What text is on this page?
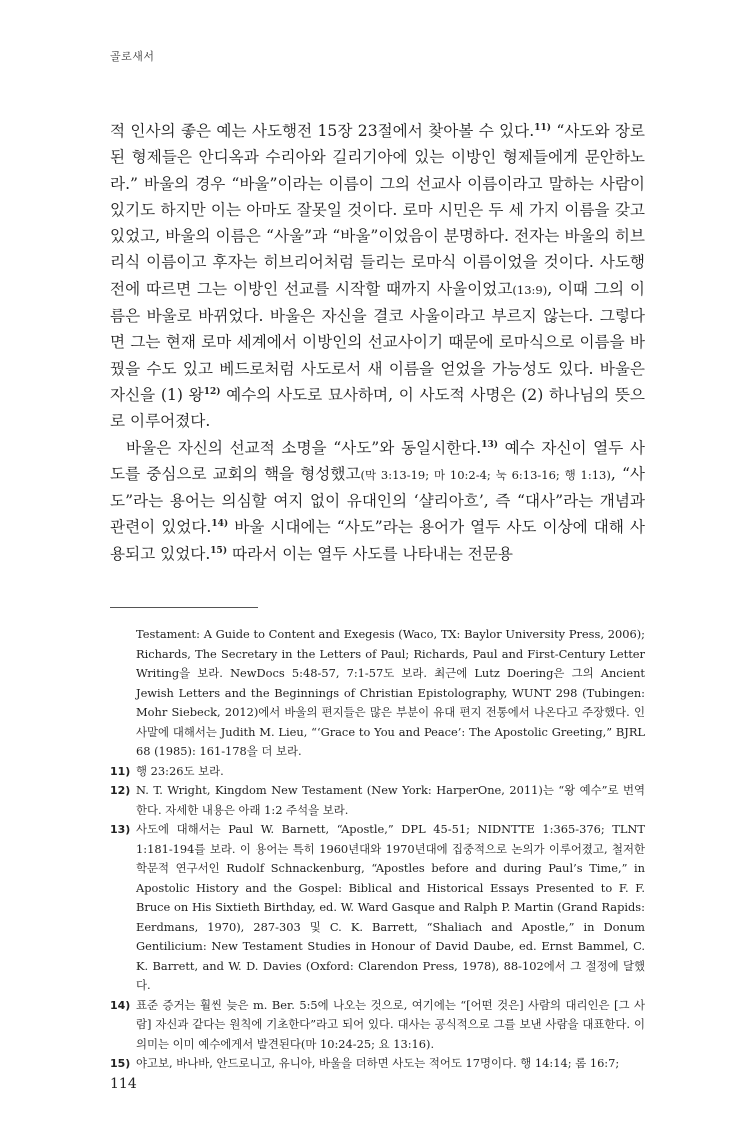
골로새서

적 인사의 좋은 예는 사도행전 15장 23절에서 찾아볼 수 있다.$^{11)}$ “사도와 장로 된 형제들은 안디옥과 수리아와 길리기아에 있는 이방인 형제들에게 문안하노라.” 바울의 경우 “바울”이라는 이름이 그의 선교사 이름이라고 말하는 사람이 있기도 하지만 이는 아마도 잘못일 것이다. 로마 시민은 두 세 가지 이름을 갖고 있었고, 바울의 이름은 “사울”과 “바울”이었음이 분명하다. 전자는 바울의 히브리식 이름이고 후자는 히브리어처럼 들리는 로마식 이름이었을 것이다. 사도행전에 따르면 그는 이방인 선교를 시작할 때까지 사울이었고(13:9), 이때 그의 이름은 바울로 바뀌었다. 바울은 자신을 결코 사울이라고 부르지 않는다. 그렇다면 그는 현재 로마 세계에서 이방인의 선교사이기 때문에 로마식으로 이름을 바꿨을 수도 있고 베드로처럼 사도로서 새 이름을 얻었을 가능성도 있다. 바울은 자신을 (1) 왕$^{12)}$ 예수의 사도로 묘사하며, 이 사도적 사명은 (2) 하나님의 뜻으로 이루어졌다.

바울은 자신의 선교적 소명을 “사도”와 동일시한다.$^{13)}$ 예수 자신이 열두 사도를 중심으로 교회의 핵을 형성했고(막 3:13-19; 마 10:2-4; 눅 6:13-16; 행 1:13), “사도”라는 용어는 의심할 여지 없이 유대인의 ‘샬리아흐’, 즉 “대사”라는 개념과 관련이 있었다.$^{14)}$ 바울 시대에는 “사도”라는 용어가 열두 사도 이상에 대해 사용되고 있었다.$^{15)}$ 따라서 이는 열두 사도를 나타내는 전문용

Testament: A Guide to Content and Exegesis (Waco, TX: Baylor University Press, 2006); Richards, The Secretary in the Letters of Paul; Richards, Paul and First-Century Letter Writing을 보라. NewDocs 5:48-57, 7:1-57도 보라. 최근에 Lutz Doering은 그의 Ancient Jewish Letters and the Beginnings of Christian Epistolography, WUNT 298 (Tubingen: Mohr Siebeck, 2012)에서 바울의 편지들은 많은 부분이 유대 편지 전통에서 나온다고 주장했다. 인사말에 대해서는 Judith M. Lieu, “‘Grace to You and Peace’: The Apostolic Greeting,” BJRL 68 (1985): 161-178을 더 보라.
11) 행 23:26도 보라.
12) N. T. Wright, Kingdom New Testament (New York: HarperOne, 2011)는 “왕 예수”로 번역한다. 자세한 내용은 아래 1:2 주석을 보라.
13) 사도에 대해서는 Paul W. Barnett, “Apostle,” DPL 45-51; NIDNTTE 1:365-376; TLNT 1:181-194를 보라. 이 용어는 특히 1960년대와 1970년대에 집중적으로 논의가 이루어졌고, 철저한 학문적 연구서인 Rudolf Schnackenburg, “Apostles before and during Paul’s Time,” in Apostolic History and the Gospel: Biblical and Historical Essays Presented to F. F. Bruce on His Sixtieth Birthday, ed. W. Ward Gasque and Ralph P. Martin (Grand Rapids: Eerdmans, 1970), 287-303 및 C. K. Barrett, “Shaliach and Apostle,” in Donum Gentilicium: New Testament Studies in Honour of David Daube, ed. Ernst Bammel, C. K. Barrett, and W. D. Davies (Oxford: Clarendon Press, 1978), 88-102에서 그 절정에 달했다.
14) 표준 증거는 훨씬 늦은 m. Ber. 5:5에 나오는 것으로, 여기에는 “[어떤 것은] 사람의 대리인은 [그 사람] 자신과 같다는 원칙에 기초한다”라고 되어 있다. 대사는 공식적으로 그를 보낸 사람을 대표한다. 이 의미는 이미 예수에게서 발견된다(마 10:24-25; 요 13:16).
15) 야고보, 바나바, 안드로니고, 유니아, 바울을 더하면 사도는 적어도 17명이다. 행 14:14; 롬 16:7;
114
